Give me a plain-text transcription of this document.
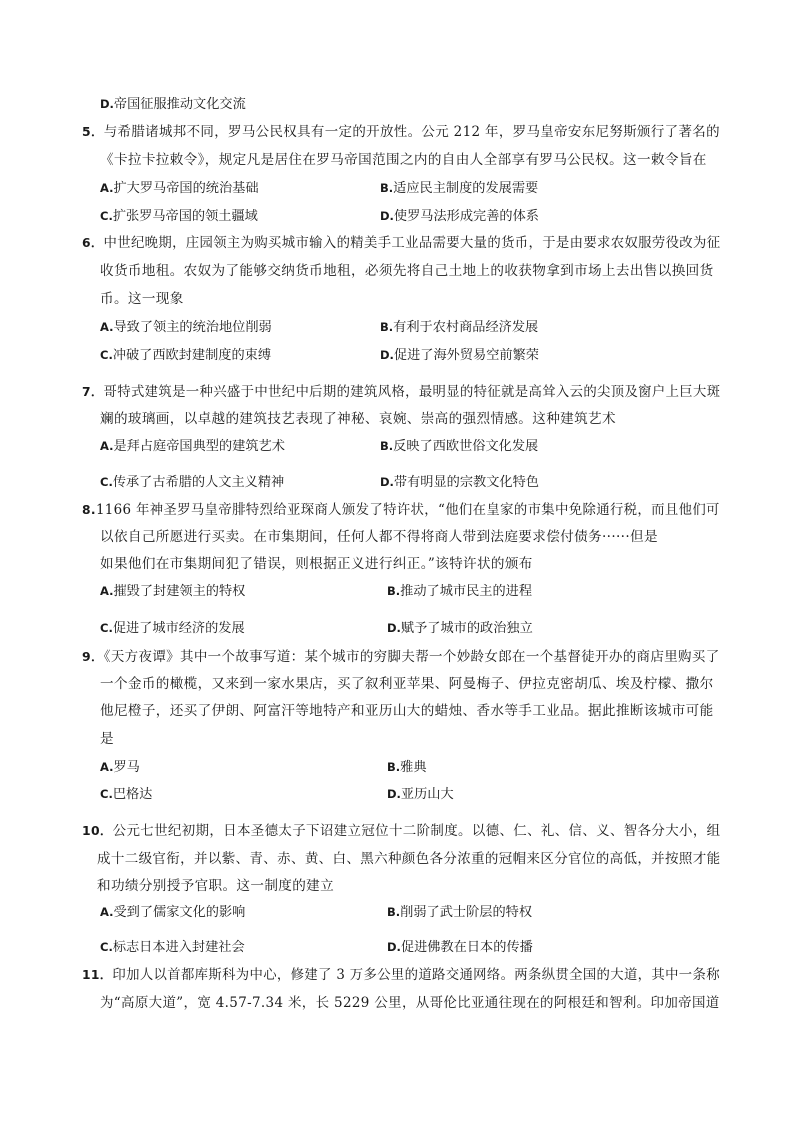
D.帝国征服推动文化交流
5．与希腊诸城邦不同，罗马公民权具有一定的开放性。公元 212 年，罗马皇帝安东尼努斯颁行了著名的
《卡拉卡拉敕令》，规定凡是居住在罗马帝国范围之内的自由人全部享有罗马公民权。这一敕令旨在
A.扩大罗马帝国的统治基础	B.适应民主制度的发展需要
C.扩张罗马帝国的领土疆域	D.使罗马法形成完善的体系
6．中世纪晚期，庄园领主为购买城市输入的精美手工业品需要大量的货币，于是由要求农奴服劳役改为征
收货币地租。农奴为了能够交纳货币地租，必须先将自己土地上的收获物拿到市场上去出售以换回货
币。这一现象
A.导致了领主的统治地位削弱	B.有利于农村商品经济发展
C.冲破了西欧封建制度的束缚	D.促进了海外贸易空前繁荣
7．哥特式建筑是一种兴盛于中世纪中后期的建筑风格，最明显的特征就是高耸入云的尖顶及窗户上巨大斑
斓的玻璃画，以卓越的建筑技艺表现了神秘、哀婉、崇高的强烈情感。这种建筑艺术
A.是拜占庭帝国典型的建筑艺术	B.反映了西欧世俗文化发展
C.传承了古希腊的人文主义精神	D.带有明显的宗教文化特色
8.1166 年神圣罗马皇帝腓特烈给亚琛商人颁发了特许状，“他们在皇家的市集中免除通行税，而且他们可
以依自己所愿进行买卖。在市集期间，任何人都不得将商人带到法庭要求偿付债务······但是
如果他们在市集期间犯了错误，则根据正义进行纠正。”该特许状的颁布
A.摧毁了封建领主的特权	B.推动了城市民主的进程
C.促进了城市经济的发展	D.赋予了城市的政治独立
9．《天方夜谭》其中一个故事写道：某个城市的穷脚夫帮一个妙龄女郎在一个基督徒开办的商店里购买了
一个金币的橄榄，又来到一家水果店，买了叙利亚苹果、阿曼梅子、伊拉克密胡瓜、埃及柠檬、撒尔
他尼橙子，还买了伊朗、阿富汗等地特产和亚历山大的蜡烛、香水等手工业品。据此推断该城市可能
是
A.罗马	B.雅典
C.巴格达	D.亚历山大
10．公元七世纪初期，日本圣德太子下诏建立冠位十二阶制度。以德、仁、礼、信、义、智各分大小，组
成十二级官衔，并以紫、青、赤、黄、白、黑六种颜色各分浓重的冠帽来区分官位的高低，并按照才能
和功绩分别授予官职。这一制度的建立
A.受到了儒家文化的影响	B.削弱了武士阶层的特权
C.标志日本进入封建社会	D.促进佛教在日本的传播
11．印加人以首都库斯科为中心，修建了 3 万多公里的道路交通网络。两条纵贯全国的大道，其中一条称
为“高原大道”，宽 4.57-7.34 米，长 5229 公里，从哥伦比亚通往现在的阿根廷和智利。印加帝国道
